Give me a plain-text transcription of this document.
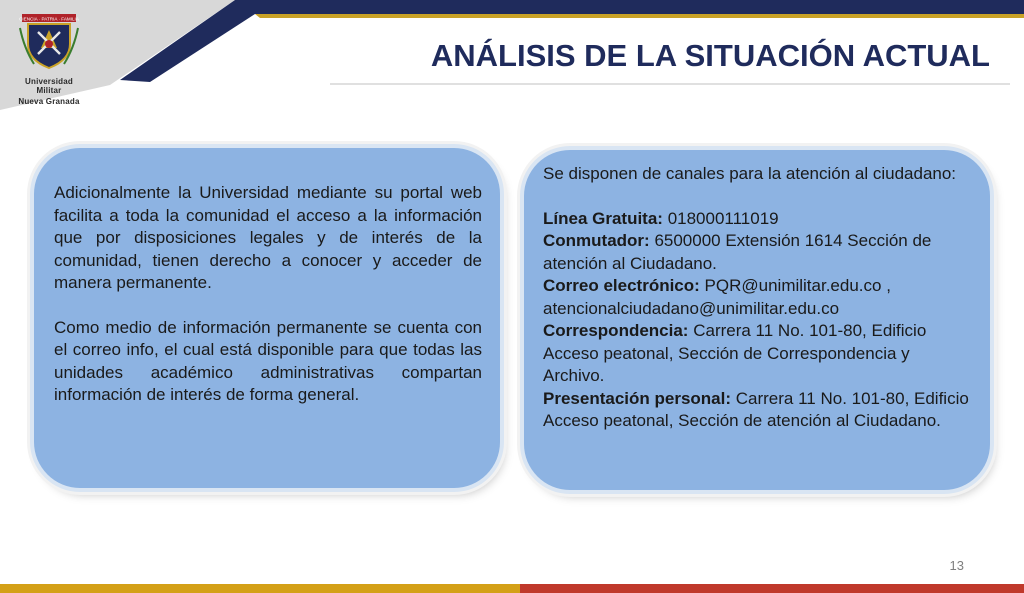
CIENCIA · PATRIA · FAMILIA
Universidad Militar
Nueva Granada
ANÁLISIS DE LA SITUACIÓN ACTUAL

Adicionalmente la Universidad mediante su portal web facilita a toda la comunidad el acceso a la información que por disposiciones legales y de interés de la comunidad, tienen derecho a conocer y acceder de manera permanente.

Como medio de información permanente se cuenta con el correo info, el cual está disponible para que todas las unidades académico administrativas compartan información de interés de forma general.

Se disponen de canales para la atención al ciudadano:

Línea Gratuita: 018000111019

Conmutador: 6500000 Extensión 1614 Sección de atención al Ciudadano.

Correo electrónico: PQR@unimilitar.edu.co , atencionalciudadano@unimilitar.edu.co

Correspondencia: Carrera 11 No. 101-80, Edificio Acceso peatonal, Sección de Correspondencia y Archivo.

Presentación personal: Carrera 11 No. 101-80, Edificio Acceso peatonal, Sección de atención al Ciudadano.

13
